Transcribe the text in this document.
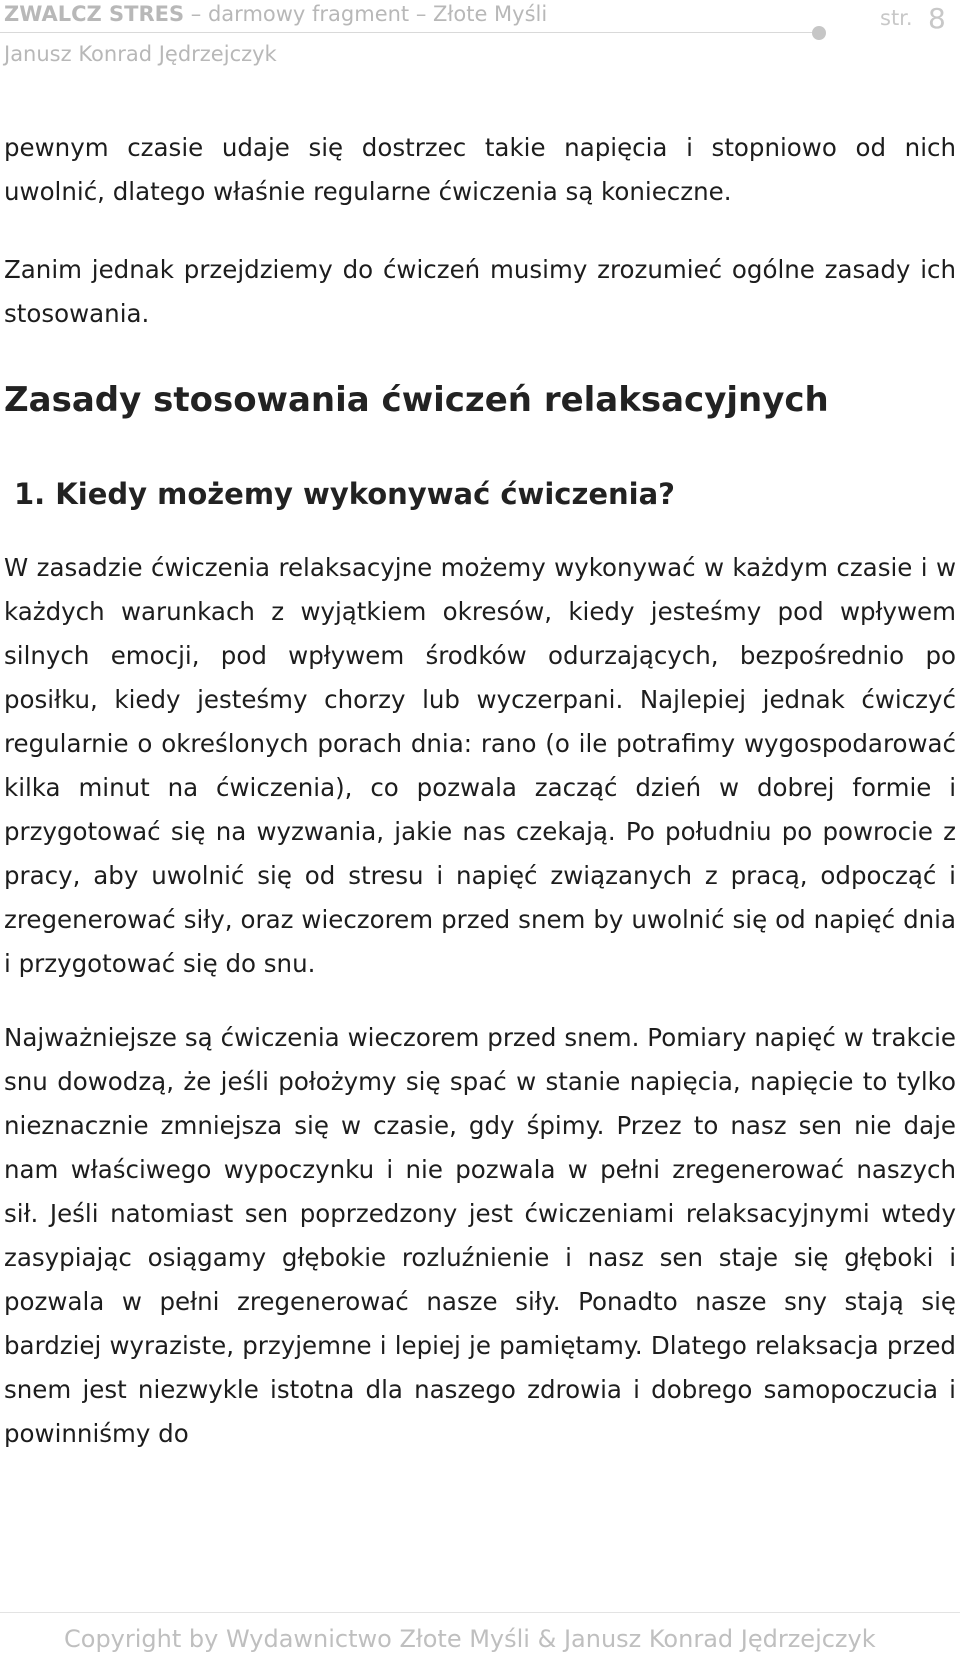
ZWALCZ STRES – darmowy fragment – Złote Myśli	str. 8
Janusz Konrad Jędrzejczyk

pewnym czasie udaje się dostrzec takie napięcia i stopniowo od nich uwolnić, dlatego właśnie regularne ćwiczenia są konieczne.

Zanim jednak przejdziemy do ćwiczeń musimy zrozumieć ogólne zasady ich stosowania.

Zasady stosowania ćwiczeń relaksacyjnych
1. Kiedy możemy wykonywać ćwiczenia?

W zasadzie ćwiczenia relaksacyjne możemy wykonywać w każdym czasie i w każdych warunkach z wyjątkiem okresów, kiedy jesteśmy pod wpływem silnych emocji, pod wpływem środków odurzających, bezpośrednio po posiłku, kiedy jesteśmy chorzy lub wyczerpani. Najlepiej jednak ćwiczyć regularnie o określonych porach dnia: rano (o ile potrafimy wygospodarować kilka minut na ćwiczenia), co pozwala zacząć dzień w dobrej formie i przygotować się na wyzwania, jakie nas czekają. Po południu po powrocie z pracy, aby uwolnić się od stresu i napięć związanych z pracą, odpocząć i zregenerować siły, oraz wieczorem przed snem by uwolnić się od napięć dnia i przygotować się do snu.

Najważniejsze są ćwiczenia wieczorem przed snem. Pomiary napięć w trakcie snu dowodzą, że jeśli położymy się spać w stanie napięcia, napięcie to tylko nieznacznie zmniejsza się w czasie, gdy śpimy. Przez to nasz sen nie daje nam właściwego wypoczynku i nie pozwala w pełni zregenerować naszych sił. Jeśli natomiast sen poprzedzony jest ćwiczeniami relaksacyjnymi wtedy zasypiając osiągamy głębokie rozluźnienie i nasz sen staje się głęboki i pozwala w pełni zregenerować nasze siły. Ponadto nasze sny stają się bardziej wyraziste, przyjemne i lepiej je pamiętamy. Dlatego relaksacja przed snem jest niezwykle istotna dla naszego zdrowia i dobrego samopoczucia i powinniśmy do

Copyright by Wydawnictwo Złote Myśli & Janusz Konrad Jędrzejczyk
